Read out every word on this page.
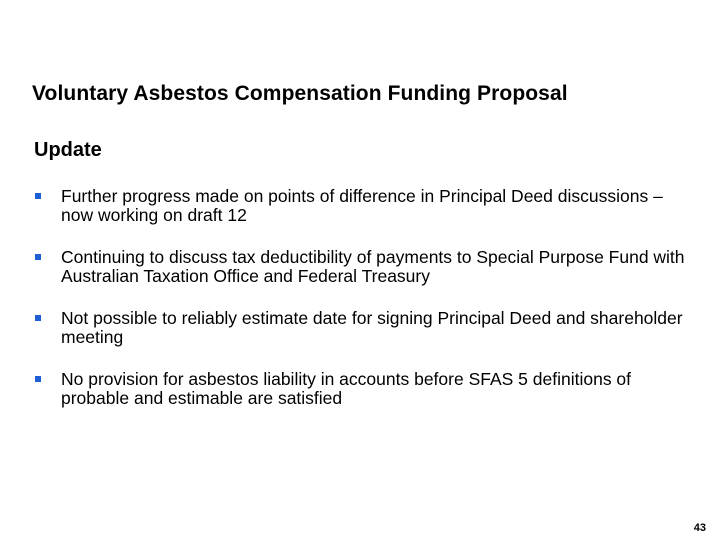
Voluntary Asbestos Compensation Funding Proposal
Update
Further progress made on points of difference in Principal Deed discussions – now working on draft 12
Continuing to discuss tax deductibility of payments to Special Purpose Fund with Australian Taxation Office and Federal Treasury
Not possible to reliably estimate date for signing Principal Deed and shareholder meeting
No provision for asbestos liability in accounts before SFAS 5 definitions of probable and estimable are satisfied
43
